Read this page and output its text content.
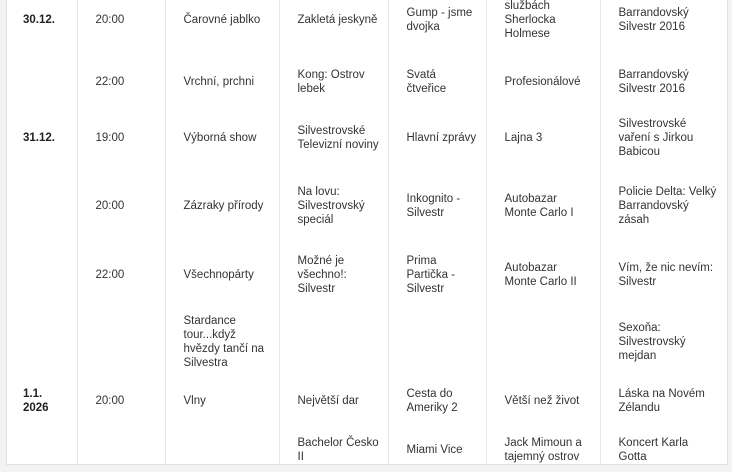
30.12.	20:00	Čarovné jablko	Zakletá jeskyně	Gump - jsme dvojka	službách Sherlocka Holmese	Barrandovský Silvestr 2016
	22:00	Vrchní, prchni	Kong: Ostrov lebek	Svatá čtveřice	Profesionálové	Barrandovský Silvestr 2016
31.12.	19:00	Výborná show	Silvestrovské Televizní noviny	Hlavní zprávy	Lajna 3	Silvestrovské vaření s Jirkou Babicou
	20:00	Zázraky přírody	Na lovu: Silvestrovský speciál	Inkognito - Silvestr	Autobazar Monte Carlo I	Policie Delta: Velký Barrandovský zásah
	22:00	Všechnopárty	Možné je všechno!: Silvestr	Prima Partička - Silvestr	Autobazar Monte Carlo II	Vím, že nic nevím: Silvestr
		Stardance tour...když hvězdy tančí na Silvestra				Sexoňa: Silvestrovský mejdan
1.1. 2026	20:00	Vlny	Největší dar	Cesta do Ameriky 2	Větší než život	Láska na Novém Zélandu
			Bachelor Česko II	Miami Vice	Jack Mimoun a tajemný ostrov	Koncert Karla Gotta
